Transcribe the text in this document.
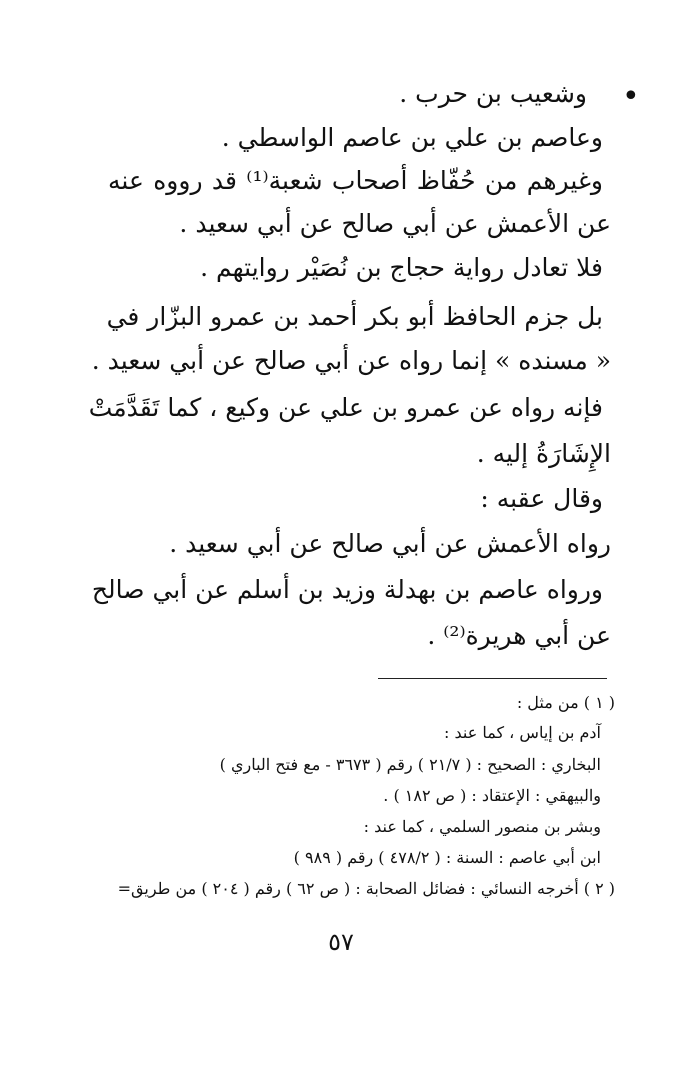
•
وشعيب بن حرب .
وعاصم بن علي بن عاصم الواسطي .
وغيرهم من حُفّاظ أصحاب شعبة⁽¹⁾ قد رووه عنه
عن الأعمش عن أبي صالح عن أبي سعيد .
فلا تعادل رواية حجاج بن نُصَيْر روايتهم .
بل جزم الحافظ أبو بكر أحمد بن عمرو البزّار في
« مسنده » إنما رواه عن أبي صالح عن أبي سعيد .
فإنه رواه عن عمرو بن علي عن وكيع ، كما تَقَدَّمَتْ
الإِشَارَةُ إليه .
وقال عقبه :
رواه الأعمش عن أبي صالح عن أبي سعيد .
ورواه عاصم بن بهدلة وزيد بن أسلم عن أبي صالح
عن أبي هريرة⁽²⁾ .
( ١ ) من مثل :
آدم بن إياس ، كما عند :
البخاري : الصحيح : ( ٢١/٧ ) رقم ( ٣٦٧٣ - مع فتح الباري )
والبيهقي : الإعتقاد : ( ص ١٨٢ ) .
وبشر بن منصور السلمي ، كما عند :
ابن أبي عاصم : السنة : ( ٤٧٨/٢ ) رقم ( ٩٨٩ )
( ٢ ) أخرجه النسائي : فضائل الصحابة : ( ص ٦٢ ) رقم ( ٢٠٤ ) من طريق=
٥٧
